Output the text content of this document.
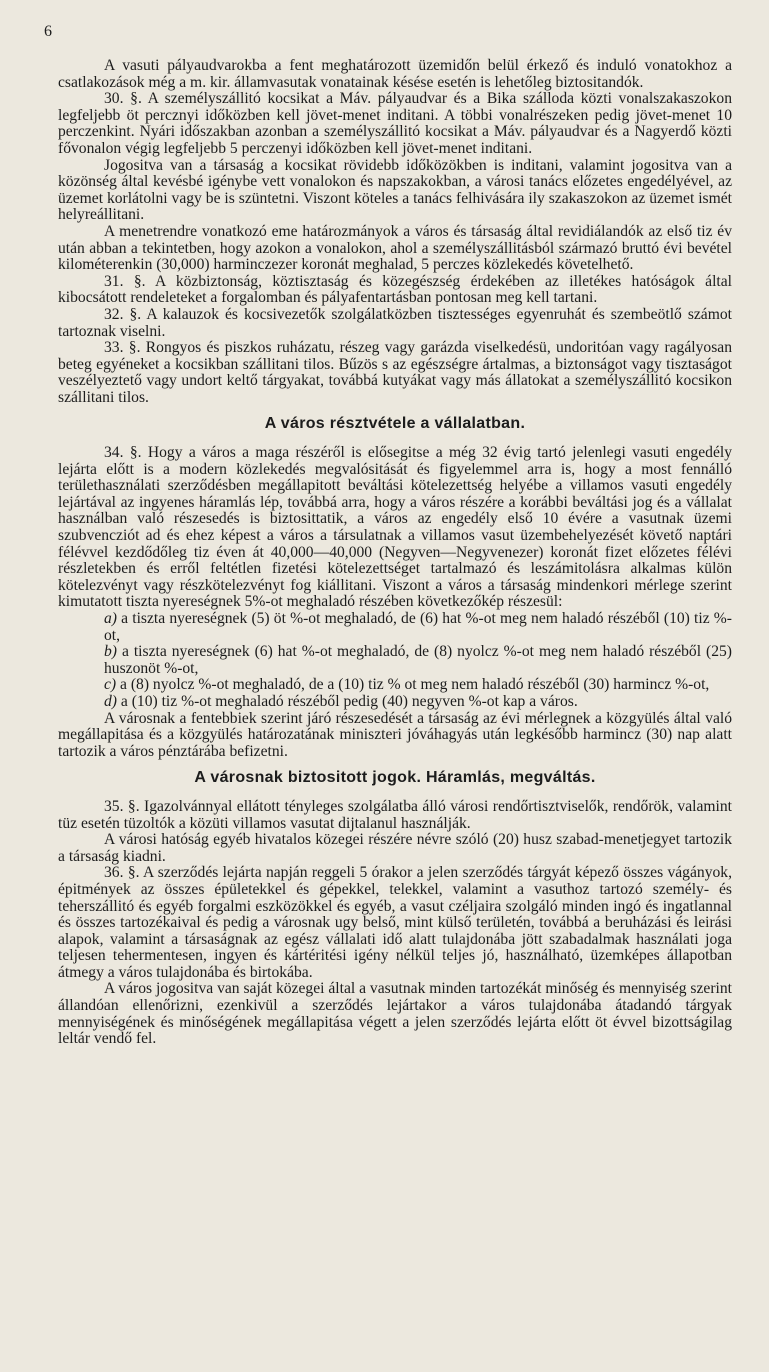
6

A vasuti pályaudvarokba a fent meghatározott üzemidőn belül érkező és induló vonatokhoz a csatlakozások még a m. kir. államvasutak vonatainak késése esetén is lehetőleg biztositandók.

30. §. A személyszállitó kocsikat a Máv. pályaudvar és a Bika szálloda közti vonalszakaszokon legfeljebb öt percznyi időközben kell jövet-menet inditani. A többi vonalrészeken pedig jövet-menet 10 perczenkint. Nyári időszakban azonban a személyszállitó kocsikat a Máv. pályaudvar és a Nagyerdő közti fővonalon végig legfeljebb 5 perczenyi időközben kell jövet-menet inditani.

Jogositva van a társaság a kocsikat rövidebb időközökben is inditani, valamint jogositva van a közönség által kevésbé igénybe vett vonalokon és napszakokban, a városi tanács előzetes engedélyével, az üzemet korlátolni vagy be is szüntetni. Viszont köteles a tanács felhivására ily szakaszokon az üzemet ismét helyreállitani.

A menetrendre vonatkozó eme határozmányok a város és társaság által revidiálandók az első tiz év után abban a tekintetben, hogy azokon a vonalokon, ahol a személyszállitásból származó bruttó évi bevétel kilométerenkin (30,000) harminczezer koronát meghalad, 5 perczes közlekedés követelhető.

31. §. A közbiztonság, köztisztaság és közegészség érdekében az illetékes hatóságok által kibocsátott rendeleteket a forgalomban és pályafentartásban pontosan meg kell tartani.

32. §. A kalauzok és kocsivezetők szolgálatközben tisztességes egyenruhát és szembeötlő számot tartoznak viselni.

33. §. Rongyos és piszkos ruházatu, részeg vagy garázda viselkedésü, undoritóan vagy ragályosan beteg egyéneket a kocsikban szállitani tilos. Bűzös s az egészségre ártalmas, a biztonságot vagy tisztaságot veszélyeztető vagy undort keltő tárgyakat, továbbá kutyákat vagy más állatokat a személyszállitó kocsikon szállitani tilos.

A város résztvétele a vállalatban.

34. §. Hogy a város a maga részéről is elősegitse a még 32 évig tartó jelenlegi vasuti engedély lejárta előtt is a modern közlekedés megvalósitását és figyelemmel arra is, hogy a most fennálló területhasználati szerződésben megállapitott beváltási kötelezettség helyébe a villamos vasuti engedély lejártával az ingyenes háramlás lép, továbbá arra, hogy a város részére a korábbi beváltási jog és a vállalat használban való részesedés is biztosittatik, a város az engedély első 10 évére a vasutnak üzemi szubvencziót ad és ehez képest a város a társulatnak a villamos vasut üzembehelyezését követő naptári félévvel kezdődőleg tiz éven át 40,000—40,000 (Negyven—Negyvenezer) koronát fizet előzetes félévi részletekben és erről feltétlen fizetési kötelezettséget tartalmazó és leszámitolásra alkalmas külön kötelezvényt vagy részkötelezvényt fog kiállitani. Viszont a város a társaság mindenkori mérlege szerint kimutatott tiszta nyereségnek 5%-ot meghaladó részében következőkép részesül:

a) a tiszta nyereségnek (5) öt %-ot meghaladó, de (6) hat %-ot meg nem haladó részéből (10) tiz %-ot,

b) a tiszta nyereségnek (6) hat %-ot meghaladó, de (8) nyolcz %-ot meg nem haladó részéből (25) huszonöt %-ot,

c) a (8) nyolcz %-ot meghaladó, de a (10) tiz % ot meg nem haladó részéből (30) harmincz %-ot,

d) a (10) tiz %-ot meghaladó részéből pedig (40) negyven %-ot kap a város.

A városnak a fentebbiek szerint járó részesedését a társaság az évi mérlegnek a közgyülés által való megállapitása és a közgyülés határozatának miniszteri jóváhagyás után legkésőbb harmincz (30) nap alatt tartozik a város pénztárába befizetni.

A városnak biztositott jogok. Háramlás, megváltás.

35. §. Igazolvánnyal ellátott tényleges szolgálatba álló városi rendőrtisztviselők, rendőrök, valamint tüz esetén tüzoltók a közüti villamos vasutat dijtalanul használják.

A városi hatóság egyéb hivatalos közegei részére névre szóló (20) husz szabad-menetjegyet tartozik a társaság kiadni.

36. §. A szerződés lejárta napján reggeli 5 órakor a jelen szerződés tárgyát képező összes vágányok, épitmények az összes épületekkel és gépekkel, telekkel, valamint a vasuthoz tartozó személy- és teherszállitó és egyéb forgalmi eszközökkel és egyéb, a vasut czéljaira szolgáló minden ingó és ingatlannal és összes tartozékaival és pedig a városnak ugy belső, mint külső területén, továbbá a beruházási és leirási alapok, valamint a társaságnak az egész vállalati idő alatt tulajdonába jött szabadalmak használati joga teljesen tehermentesen, ingyen és kártéritési igény nélkül teljes jó, használható, üzemképes állapotban átmegy a város tulajdonába és birtokába.

A város jogositva van saját közegei által a vasutnak minden tartozékát minőség és mennyiség szerint állandóan ellenőrizni, ezenkivül a szerződés lejártakor a város tulajdonába átadandó tárgyak mennyiségének és minőségének megállapitása végett a jelen szerződés lejárta előtt öt évvel bizottságilag leltár vendő fel.
